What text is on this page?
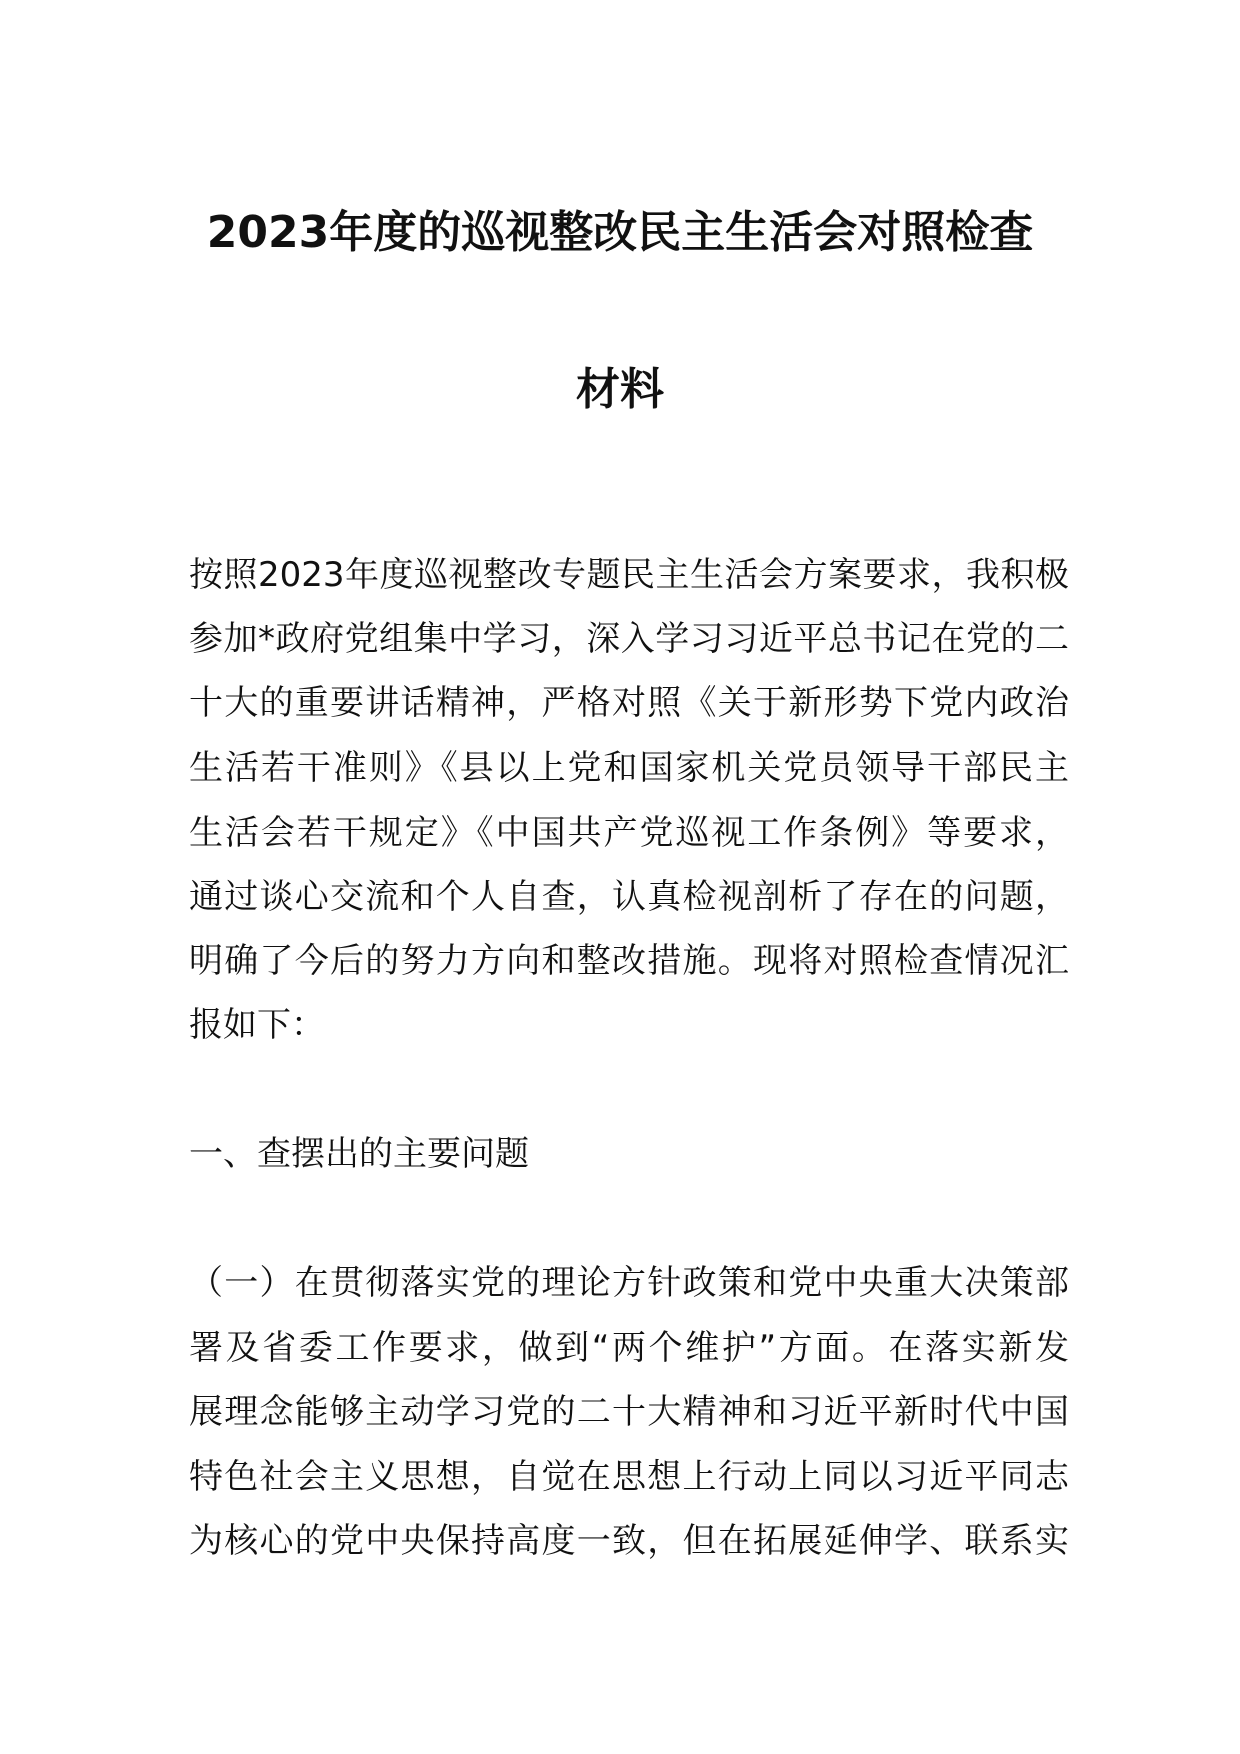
2023年度的巡视整改民主生活会对照检查
材料
按照2023年度巡视整改专题民主生活会方案要求，我积极
参加*政府党组集中学习，深入学习习近平总书记在党的二
十大的重要讲话精神，严格对照《关于新形势下党内政治
生活若干准则》《县以上党和国家机关党员领导干部民主
生活会若干规定》《中国共产党巡视工作条例》等要求，
通过谈心交流和个人自查，认真检视剖析了存在的问题，
明确了今后的努力方向和整改措施。现将对照检查情况汇
报如下：
一、查摆出的主要问题
（一）在贯彻落实党的理论方针政策和党中央重大决策部
署及省委工作要求，做到“两个维护”方面。在落实新发
展理念能够主动学习党的二十大精神和习近平新时代中国
特色社会主义思想，自觉在思想上行动上同以习近平同志
为核心的党中央保持高度一致，但在拓展延伸学、联系实
